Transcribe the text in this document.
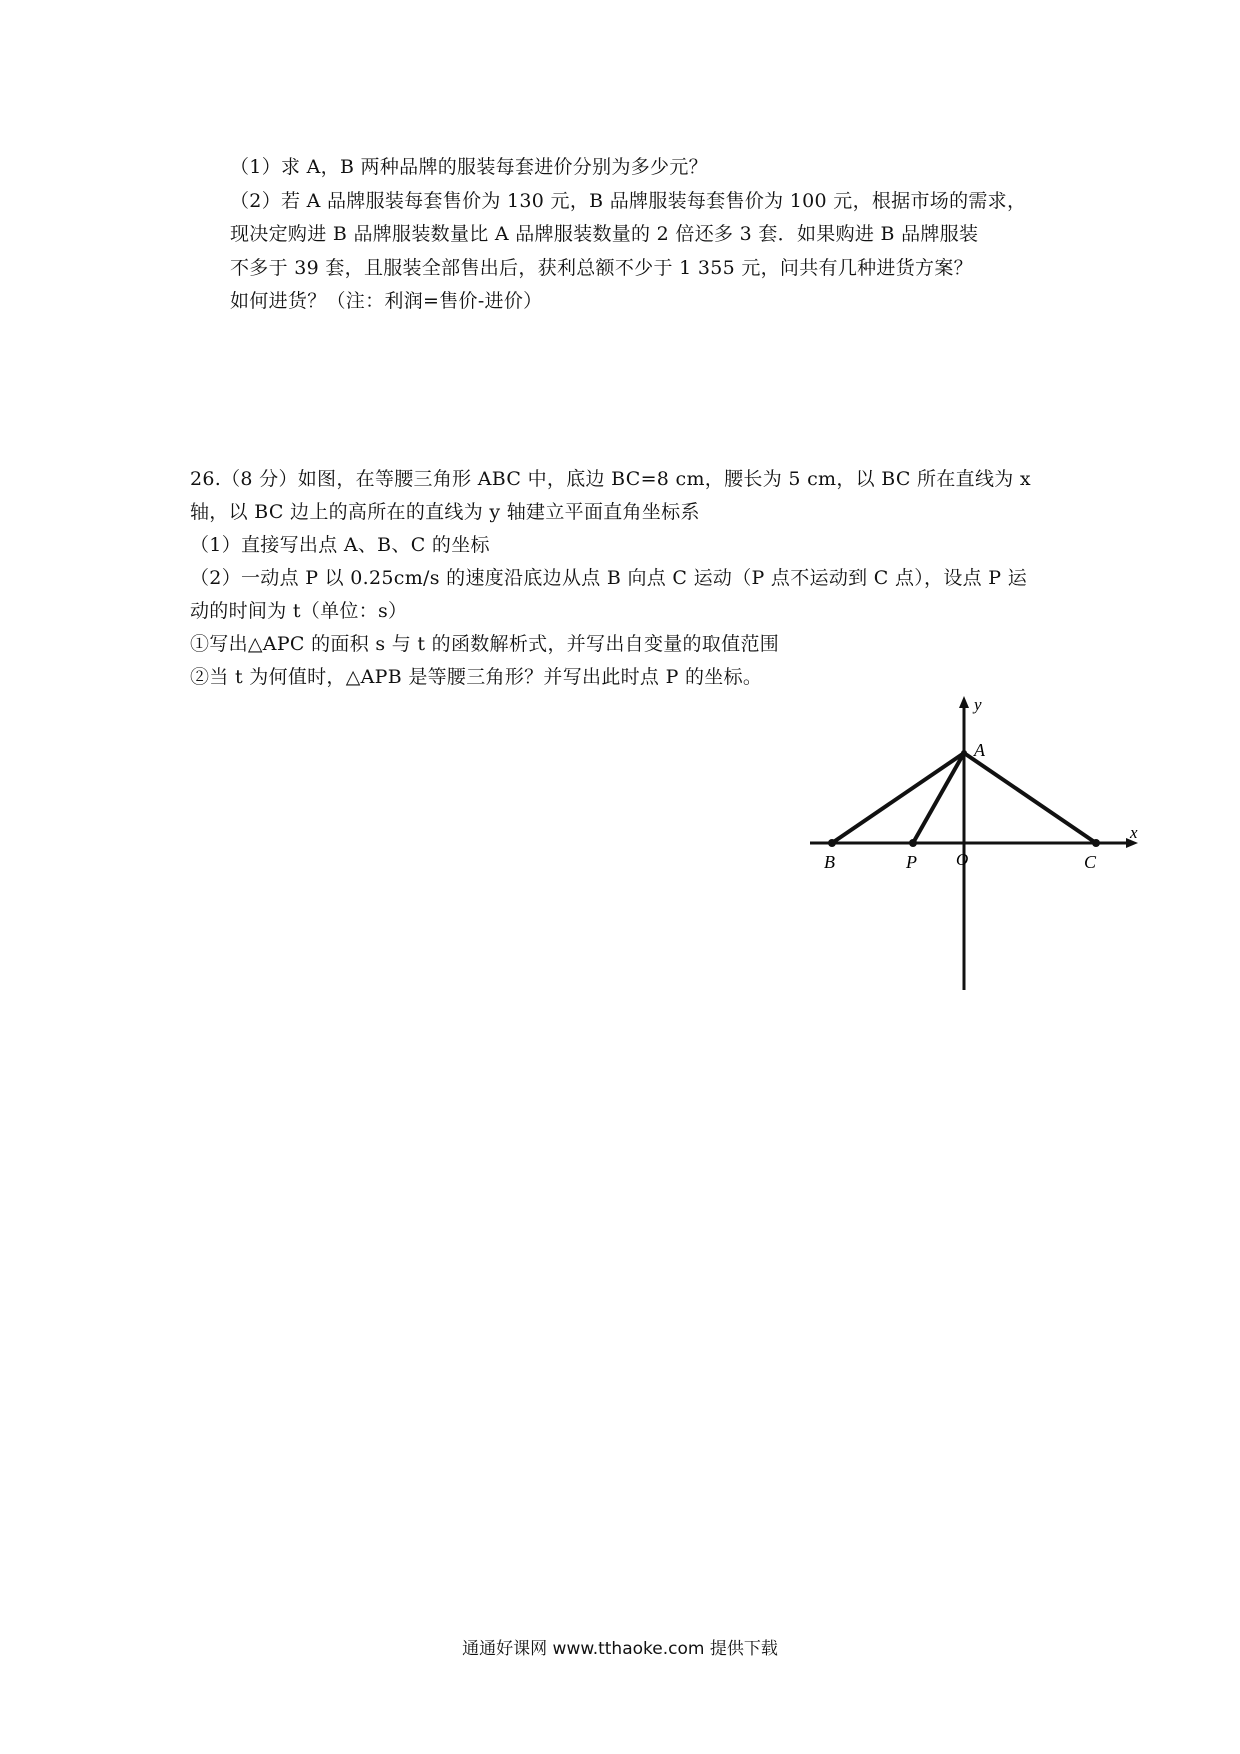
（1）求 A，B 两种品牌的服装每套进价分别为多少元？
（2）若 A 品牌服装每套售价为 130 元，B 品牌服装每套售价为 100 元，根据市场的需求，
现决定购进 B 品牌服装数量比 A 品牌服装数量的 2 倍还多 3 套．如果购进 B 品牌服装
不多于 39 套，且服装全部售出后，获利总额不少于 1 355 元，问共有几种进货方案？
如何进货？（注：利润=售价-进价）
26.（8 分）如图，在等腰三角形 ABC 中，底边 BC=8 cm，腰长为 5 cm，以 BC 所在直线为 x
轴，以 BC 边上的高所在的直线为 y 轴建立平面直角坐标系
（1）直接写出点 A、B、C 的坐标
（2）一动点 P 以 0.25cm/s 的速度沿底边从点 B 向点 C 运动（P 点不运动到 C 点），设点 P 运
动的时间为 t（单位：s）
①写出△APC 的面积 s 与 t 的函数解析式，并写出自变量的取值范围
②当 t 为何值时，△APB 是等腰三角形？并写出此时点 P 的坐标。
y
x
A
B	P O	C
通通好课网 www.tthaoke.com 提供下载
